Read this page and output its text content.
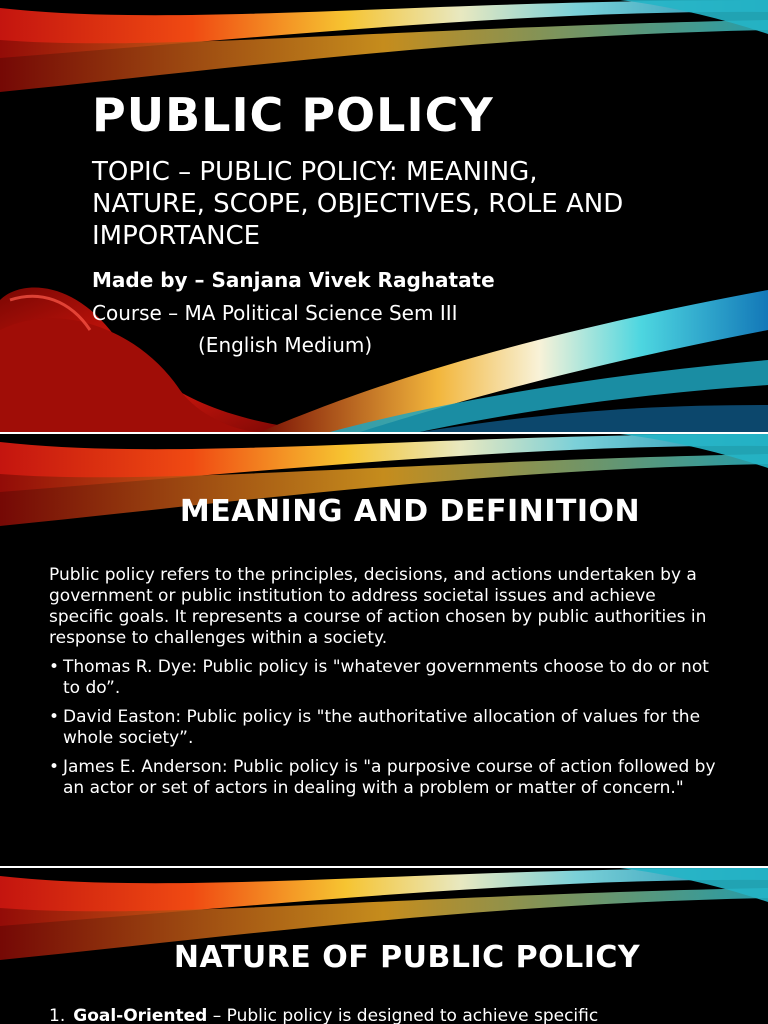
PUBLIC POLICY
TOPIC – PUBLIC POLICY: MEANING, NATURE, SCOPE, OBJECTIVES, ROLE AND IMPORTANCE
Made by – Sanjana Vivek Raghatate
Course – MA Political Science Sem III
(English Medium)
MEANING AND DEFINITION

Public policy refers to the principles, decisions, and actions undertaken by a government or public institution to address societal issues and achieve specific goals. It represents a course of action chosen by public authorities in response to challenges within a society.

• Thomas R. Dye: Public policy is "whatever governments choose to do or not to do”.
• David Easton: Public policy is "the authoritative allocation of values for the whole society”.
• James E. Anderson: Public policy is "a purposive course of action followed by an actor or set of actors in dealing with a problem or matter of concern."
NATURE OF PUBLIC POLICY
1. Goal-Oriented – Public policy is designed to achieve specific
